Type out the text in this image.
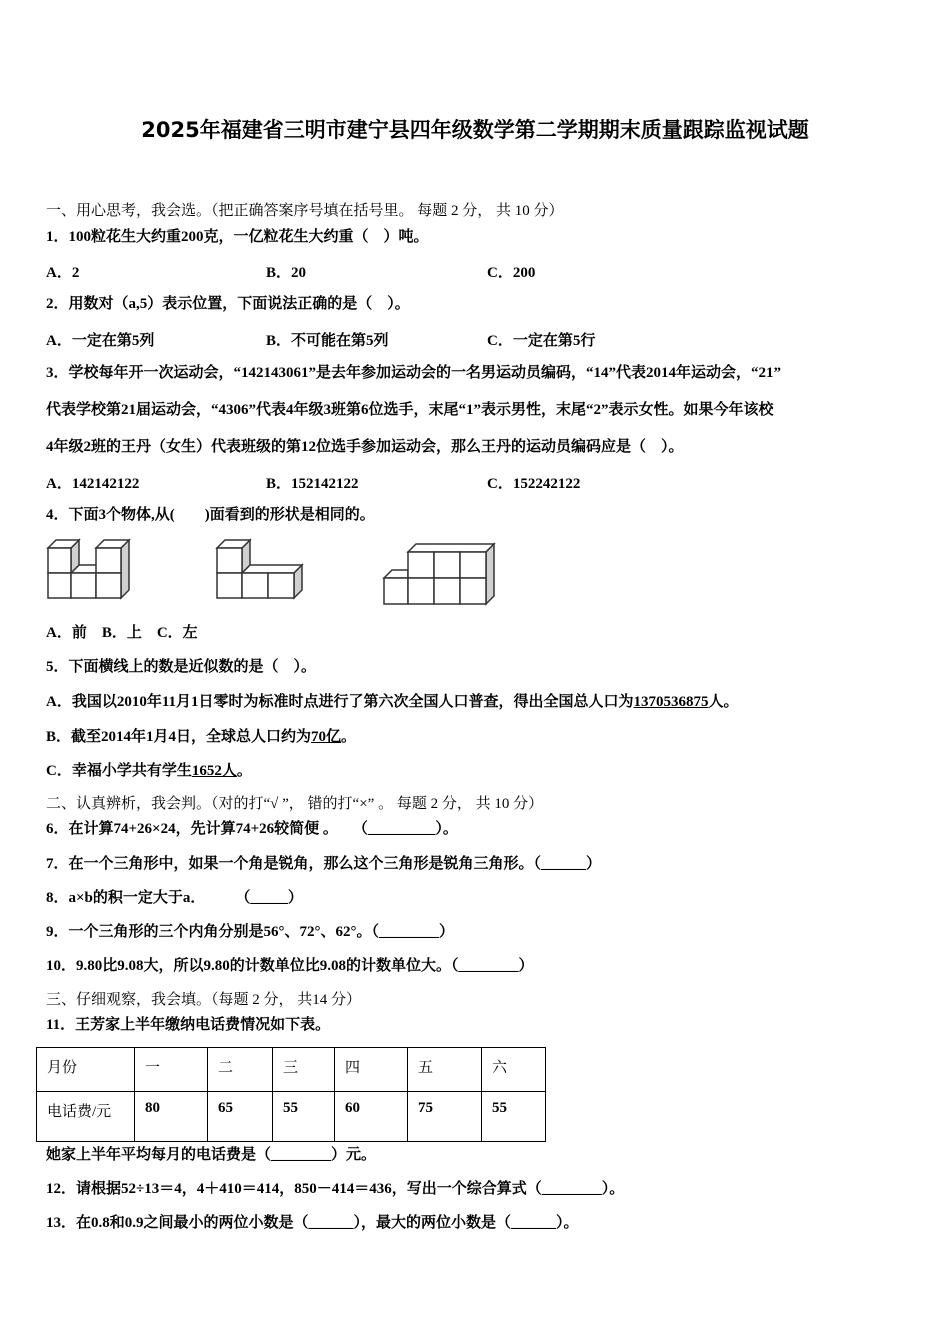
2025年福建省三明市建宁县四年级数学第二学期期末质量跟踪监视试题
一、用心思考，我会选。（把正确答案序号填在括号里。 每题 2 分， 共 10 分）
1．100粒花生大约重200克，一亿粒花生大约重（　）吨。
A．2	B．20	C．200
2．用数对（a,5）表示位置，下面说法正确的是（　）。
A．一定在第5列	B．不可能在第5列	C．一定在第5行
3．学校每年开一次运动会，“142143061”是去年参加运动会的一名男运动员编码，“14”代表2014年运动会，“21”
代表学校第21届运动会，“4306”代表4年级3班第6位选手，末尾“1”表示男性，末尾“2”表示女性。如果今年该校
4年级2班的王丹（女生）代表班级的第12位选手参加运动会，那么王丹的运动员编码应是（　）。
A．142142122	B．152142122	C．152242122
4．下面3个物体,从(　　)面看到的形状是相同的。
A．前　B．上　C．左
5．下面横线上的数是近似数的是（　）。
A．我国以2010年11月1日零时为标准时点进行了第六次全国人口普查，得出全国总人口为1370536875人。
B．截至2014年1月4日，全球总人口约为70亿。
C．幸福小学共有学生1652人。
二、认真辨析，我会判。（对的打“√ ”， 错的打“×” 。 每题 2 分， 共 10 分）
6．在计算74+26×24，先计算74+26较简便 。　　（_________）。
7．在一个三角形中，如果一个角是锐角，那么这个三角形是锐角三角形。（______）
8．a×b的积一定大于a．　　　（_____）
9．一个三角形的三个内角分别是56°、72°、62°。（________）
10．9.80比9.08大，所以9.80的计数单位比9.08的计数单位大。（________）
三、仔细观察，我会填。（每题 2 分， 共14 分）
11．王芳家上半年缴纳电话费情况如下表。
月份	一	二	三	四	五	六
电话费/元	80	65	55	60	75	55
她家上半年平均每月的电话费是（________）元。
12．请根据52÷13＝4，4＋410＝414，850－414＝436，写出一个综合算式（________）。
13．在0.8和0.9之间最小的两位小数是（______），最大的两位小数是（______）。
